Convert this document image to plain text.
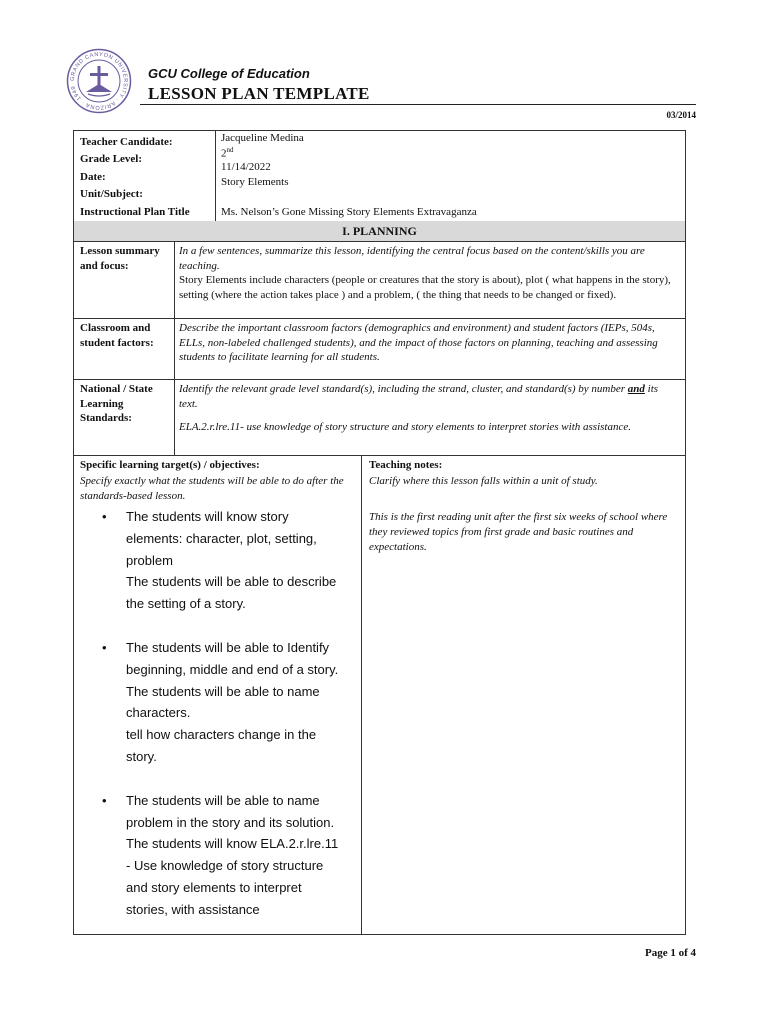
GRAND CANYON UNIVERSITY · ARIZONA · 1949
GCU College of Education
LESSON PLAN TEMPLATE
03/2014
Teacher Candidate:
Grade Level:
Date:
Unit/Subject:
Instructional Plan Title
Jacqueline Medina
2nd
11/14/2022
Story Elements
Ms. Nelson’s Gone Missing Story Elements Extravaganza
I. PLANNING
Lesson summary and focus:
In a few sentences, summarize this lesson, identifying the central focus based on the content/skills you are teaching.
Story Elements include characters (people or creatures that the story is about), plot ( what happens in the story), setting (where the action takes place ) and a problem, ( the thing that needs to be changed or fixed).
Classroom and student factors:
Describe the important classroom factors (demographics and environment) and student factors (IEPs, 504s, ELLs, non-labeled challenged students), and the impact of those factors on planning, teaching and assessing students to facilitate learning for all students.
National / State Learning Standards:
Identify the relevant grade level standard(s), including the strand, cluster, and standard(s) by number and its text.
ELA.2.r.lre.11- use knowledge of story structure and story elements to interpret stories with assistance.
Specific learning target(s) / objectives:
Specify exactly what the students will be able to do after the standards-based lesson.
• The students will know story
elements: character, plot, setting,
problem
The students will be able to describe
the setting of a story.
• The students will be able to Identify
beginning, middle and end of a story.
The students will be able to name
characters.
tell how characters change in the
story.
• The students will be able to name
problem in the story and its solution.
The students will know ELA.2.r.lre.11
- Use knowledge of story structure
and story elements to interpret
stories, with assistance
Teaching notes:
Clarify where this lesson falls within a unit of study.
This is the first reading unit after the first six weeks of school where they reviewed topics from first grade and basic routines and expectations.
Page 1 of 4
